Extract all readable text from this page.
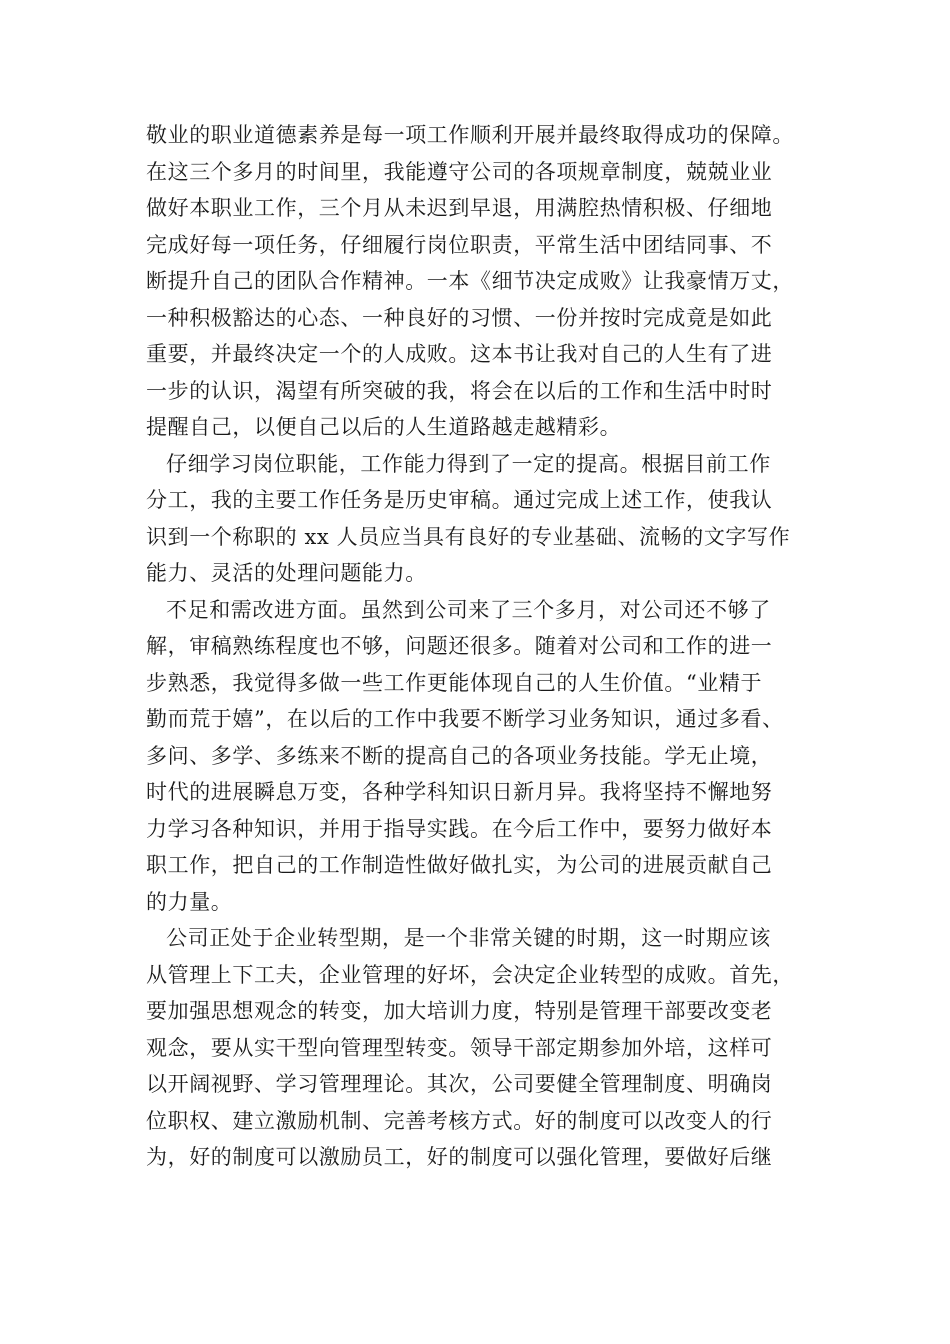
敬业的职业道德素养是每一项工作顺利开展并最终取得成功的保障。
在这三个多月的时间里，我能遵守公司的各项规章制度，兢兢业业
做好本职业工作，三个月从未迟到早退，用满腔热情积极、仔细地
完成好每一项任务，仔细履行岗位职责，平常生活中团结同事、不
断提升自己的团队合作精神。一本《细节决定成败》让我豪情万丈，
一种积极豁达的心态、一种良好的习惯、一份并按时完成竟是如此
重要，并最终决定一个的人成败。这本书让我对自己的人生有了进
一步的认识，渴望有所突破的我，将会在以后的工作和生活中时时
提醒自己，以便自己以后的人生道路越走越精彩。
仔细学习岗位职能，工作能力得到了一定的提高。根据目前工作
分工，我的主要工作任务是历史审稿。通过完成上述工作，使我认
识到一个称职的 xx 人员应当具有良好的专业基础、流畅的文字写作
能力、灵活的处理问题能力。
不足和需改进方面。虽然到公司来了三个多月，对公司还不够了
解，审稿熟练程度也不够，问题还很多。随着对公司和工作的进一
步熟悉，我觉得多做一些工作更能体现自己的人生价值。“业精于
勤而荒于嬉”，在以后的工作中我要不断学习业务知识，通过多看、
多问、多学、多练来不断的提高自己的各项业务技能。学无止境，
时代的进展瞬息万变，各种学科知识日新月异。我将坚持不懈地努
力学习各种知识，并用于指导实践。在今后工作中，要努力做好本
职工作，把自己的工作制造性做好做扎实，为公司的进展贡献自己
的力量。
公司正处于企业转型期，是一个非常关键的时期，这一时期应该
从管理上下工夫，企业管理的好坏，会决定企业转型的成败。首先，
要加强思想观念的转变，加大培训力度，特别是管理干部要改变老
观念，要从实干型向管理型转变。领导干部定期参加外培，这样可
以开阔视野、学习管理理论。其次，公司要健全管理制度、明确岗
位职权、建立激励机制、完善考核方式。好的制度可以改变人的行
为，好的制度可以激励员工，好的制度可以强化管理，要做好后继
